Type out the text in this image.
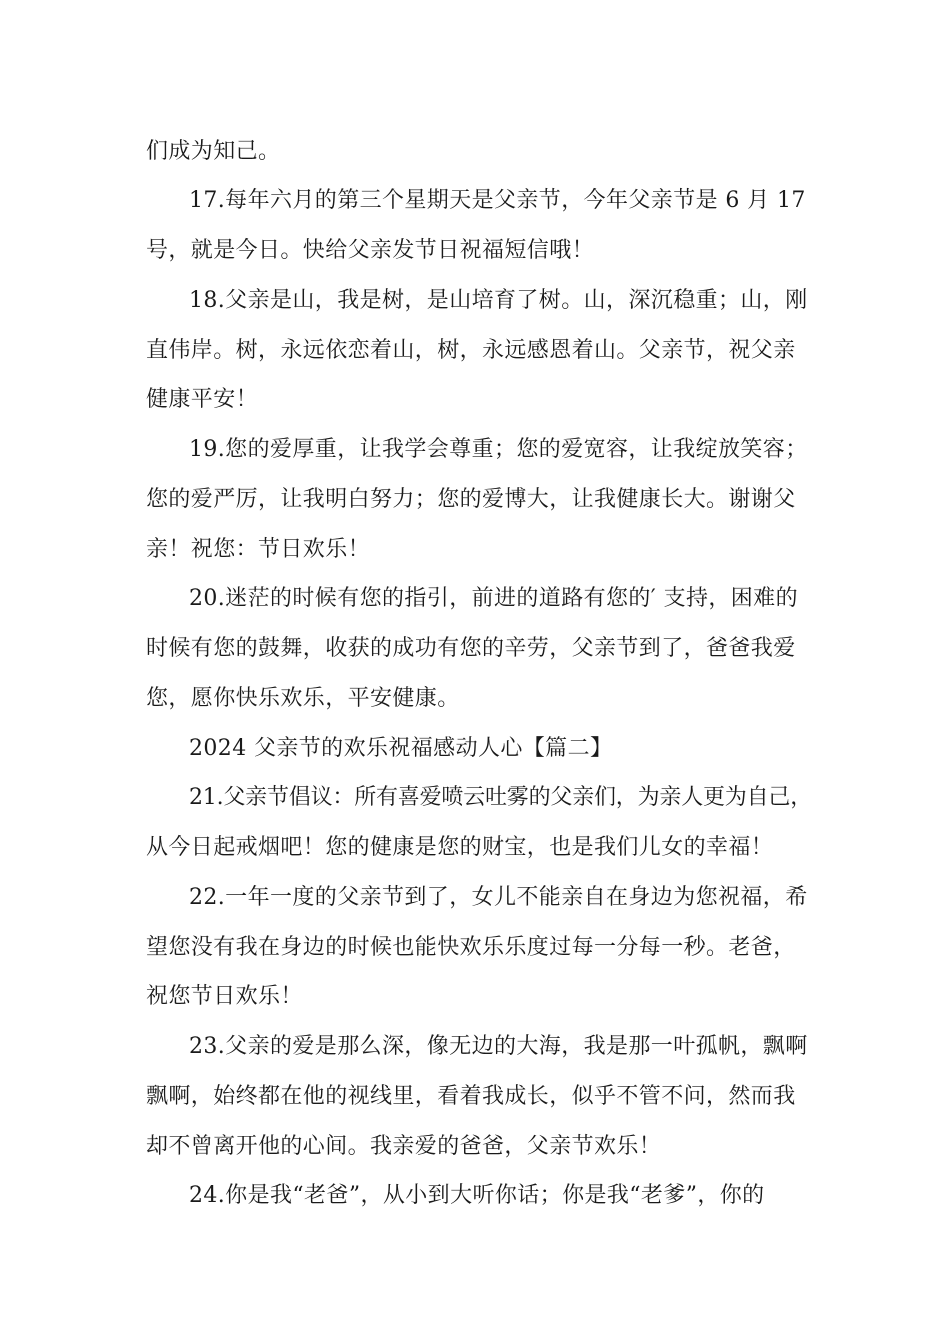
们成为知己。
17.每年六月的第三个星期天是父亲节，今年父亲节是 6 月 17
号，就是今日。快给父亲发节日祝福短信哦！
18.父亲是山，我是树，是山培育了树。山，深沉稳重；山，刚
直伟岸。树，永远依恋着山，树，永远感恩着山。父亲节，祝父亲
健康平安！
19.您的爱厚重，让我学会尊重；您的爱宽容，让我绽放笑容；
您的爱严厉，让我明白努力；您的爱博大，让我健康长大。谢谢父
亲！祝您：节日欢乐！
20.迷茫的时候有您的指引，前进的道路有您的′ 支持，困难的
时候有您的鼓舞，收获的成功有您的辛劳，父亲节到了，爸爸我爱
您，愿你快乐欢乐，平安健康。
2024 父亲节的欢乐祝福感动人心【篇二】
21.父亲节倡议：所有喜爱喷云吐雾的父亲们，为亲人更为自己，
从今日起戒烟吧！您的健康是您的财宝，也是我们儿女的幸福！
22.一年一度的父亲节到了，女儿不能亲自在身边为您祝福，希
望您没有我在身边的时候也能快欢乐乐度过每一分每一秒。老爸，
祝您节日欢乐！
23.父亲的爱是那么深，像无边的大海，我是那一叶孤帆，飘啊
飘啊，始终都在他的视线里，看着我成长，似乎不管不问，然而我
却不曾离开他的心间。我亲爱的爸爸，父亲节欢乐！
24.你是我“老爸”，从小到大听你话；你是我“老爹”，你的
